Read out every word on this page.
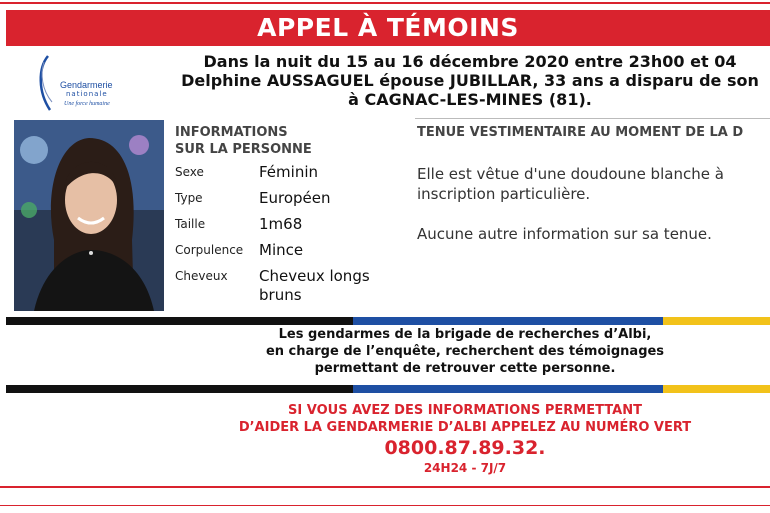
APPEL À TÉMOINS
Gendarmerie
nationale
Une force humaine
Dans la nuit du 15 au 16 décembre 2020 entre 23h00 et 04
Delphine AUSSAGUEL épouse JUBILLAR, 33 ans a disparu de son
à CAGNAC-LES-MINES (81).
INFORMATIONS
SUR LA PERSONNE
Sexe	Féminin
Type	Européen
Taille	1m68
Corpulence Mince
Cheveux Cheveux longs
bruns
TENUE VESTIMENTAIRE AU MOMENT DE LA D
Elle est vêtue d'une doudoune blanche à
inscription particulière.
Aucune autre information sur sa tenue.
Les gendarmes de la brigade de recherches d’Albi,
en charge de l’enquête, recherchent des témoignages
permettant de retrouver cette personne.
SI VOUS AVEZ DES INFORMATIONS PERMETTANT
D’AIDER LA GENDARMERIE D’ALBI APPELEZ AU NUMÉRO VERT
0800.87.89.32.
24H24 - 7J/7
